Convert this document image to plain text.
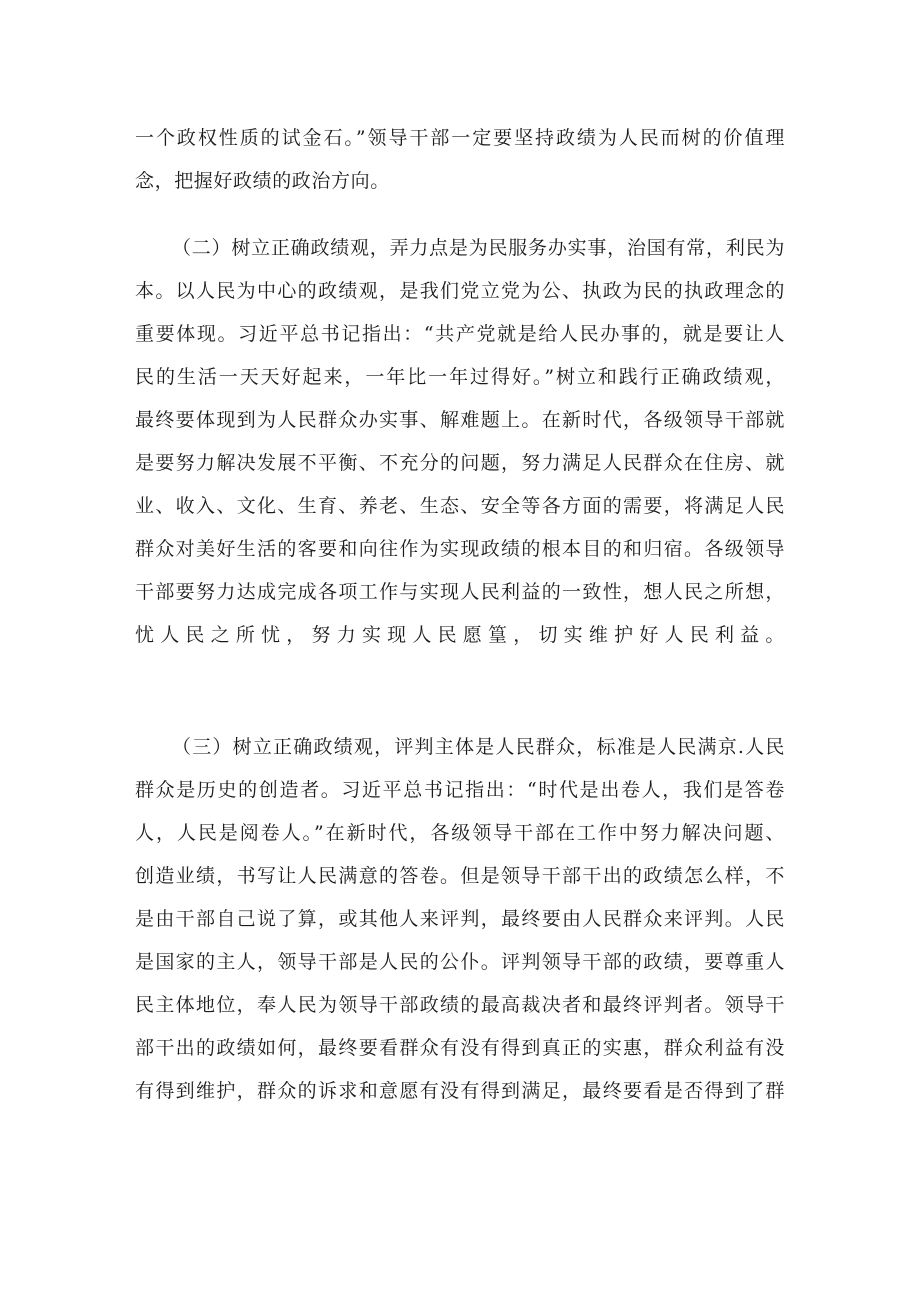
一个政权性质的试金石。”领导干部一定要坚持政绩为人民而树的价值理
念，把握好政绩的政治方向。
（二）树立正确政绩观，弄力点是为民服务办实事，治国有常，利民为
本。以人民为中心的政绩观，是我们党立党为公、执政为民的执政理念的
重要体现。习近平总书记指出：“共产党就是给人民办事的，就是要让人
民的生活一天天好起来，一年比一年过得好。”树立和践行正确政绩观，
最终要体现到为人民群众办实事、解难题上。在新时代，各级领导干部就
是要努力解决发展不平衡、不充分的问题，努力满足人民群众在住房、就
业、收入、文化、生育、养老、生态、安全等各方面的需要，将满足人民
群众对美好生活的客要和向往作为实现政绩的根本目的和归宿。各级领导
干部要努力达成完成各项工作与实现人民利益的一致性，想人民之所想，
忧人民之所忧，努力实现人民愿篁，切实维护好人民利益。
（三）树立正确政绩观，评判主体是人民群众，标准是人民满京.人民
群众是历史的创造者。习近平总书记指出：“时代是出卷人，我们是答卷
人，人民是阅卷人。”在新时代，各级领导干部在工作中努力解决问题、
创造业绩，书写让人民满意的答卷。但是领导干部干出的政绩怎么样，不
是由干部自己说了算，或其他人来评判，最终要由人民群众来评判。人民
是国家的主人，领导干部是人民的公仆。评判领导干部的政绩，要尊重人
民主体地位，奉人民为领导干部政绩的最高裁决者和最终评判者。领导干
部干出的政绩如何，最终要看群众有没有得到真正的实惠，群众利益有没
有得到维护，群众的诉求和意愿有没有得到满足，最终要看是否得到了群
